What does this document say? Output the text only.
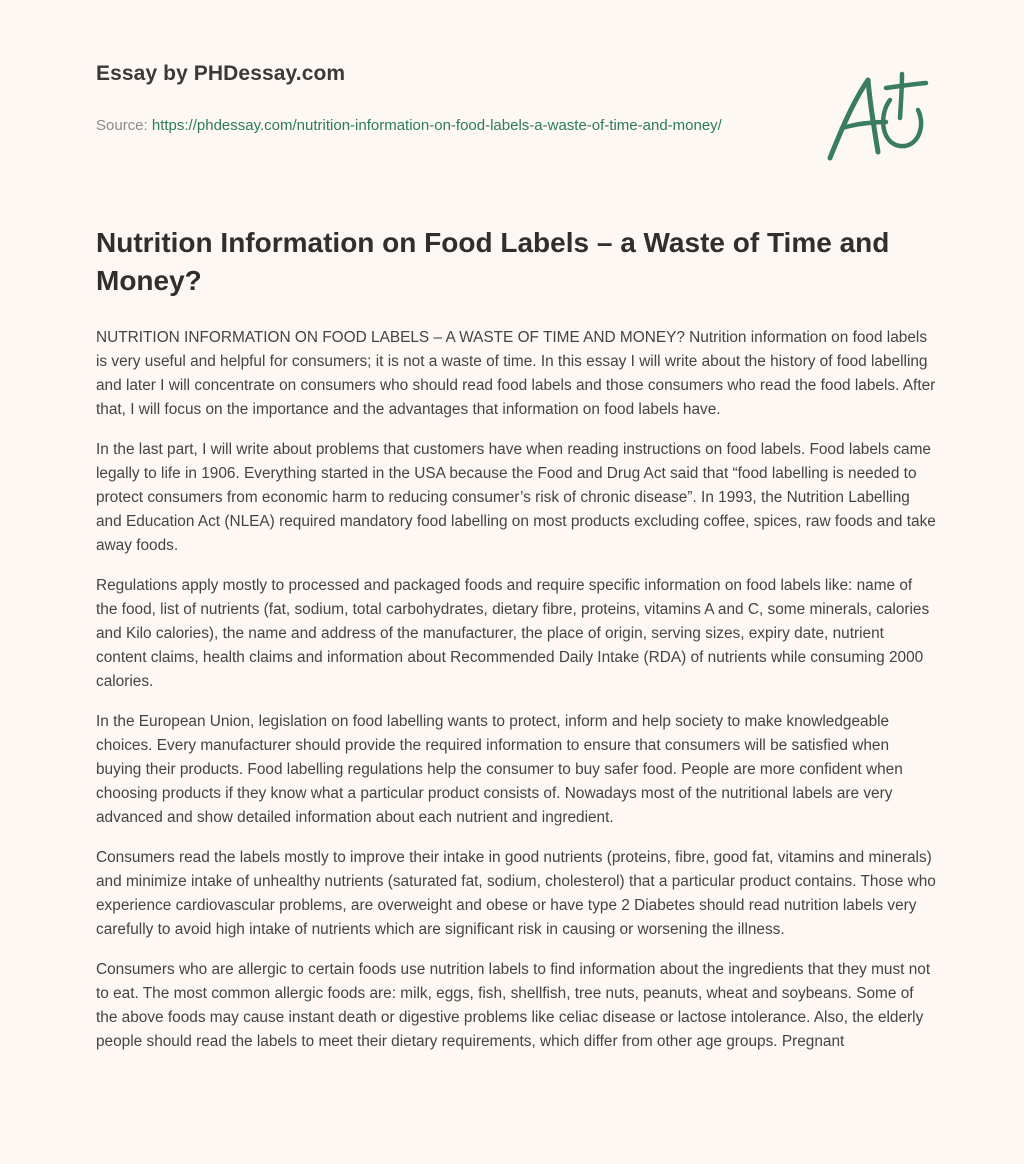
Essay by PHDessay.com

Source: https://phdessay.com/nutrition-information-on-food-labels-a-waste-of-time-and-money/
Nutrition Information on Food Labels – a Waste of Time and Money?

NUTRITION INFORMATION ON FOOD LABELS – A WASTE OF TIME AND MONEY? Nutrition information on food labels is very useful and helpful for consumers; it is not a waste of time. In this essay I will write about the history of food labelling and later I will concentrate on consumers who should read food labels and those consumers who read the food labels. After that, I will focus on the importance and the advantages that information on food labels have.

In the last part, I will write about problems that customers have when reading instructions on food labels. Food labels came legally to life in 1906. Everything started in the USA because the Food and Drug Act said that “food labelling is needed to protect consumers from economic harm to reducing consumer’s risk of chronic disease”. In 1993, the Nutrition Labelling and Education Act (NLEA) required mandatory food labelling on most products excluding coffee, spices, raw foods and take away foods.

Regulations apply mostly to processed and packaged foods and require specific information on food labels like: name of the food, list of nutrients (fat, sodium, total carbohydrates, dietary fibre, proteins, vitamins A and C, some minerals, calories and Kilo calories), the name and address of the manufacturer, the place of origin, serving sizes, expiry date, nutrient content claims, health claims and information about Recommended Daily Intake (RDA) of nutrients while consuming 2000 calories.

In the European Union, legislation on food labelling wants to protect, inform and help society to make knowledgeable choices. Every manufacturer should provide the required information to ensure that consumers will be satisfied when buying their products. Food labelling regulations help the consumer to buy safer food. People are more confident when choosing products if they know what a particular product consists of. Nowadays most of the nutritional labels are very advanced and show detailed information about each nutrient and ingredient.

Consumers read the labels mostly to improve their intake in good nutrients (proteins, fibre, good fat, vitamins and minerals) and minimize intake of unhealthy nutrients (saturated fat, sodium, cholesterol) that a particular product contains. Those who experience cardiovascular problems, are overweight and obese or have type 2 Diabetes should read nutrition labels very carefully to avoid high intake of nutrients which are significant risk in causing or worsening the illness.

Consumers who are allergic to certain foods use nutrition labels to find information about the ingredients that they must not to eat. The most common allergic foods are: milk, eggs, fish, shellfish, tree nuts, peanuts, wheat and soybeans. Some of the above foods may cause instant death or digestive problems like celiac disease or lactose intolerance. Also, the elderly people should read the labels to meet their dietary requirements, which differ from other age groups. Pregnant
